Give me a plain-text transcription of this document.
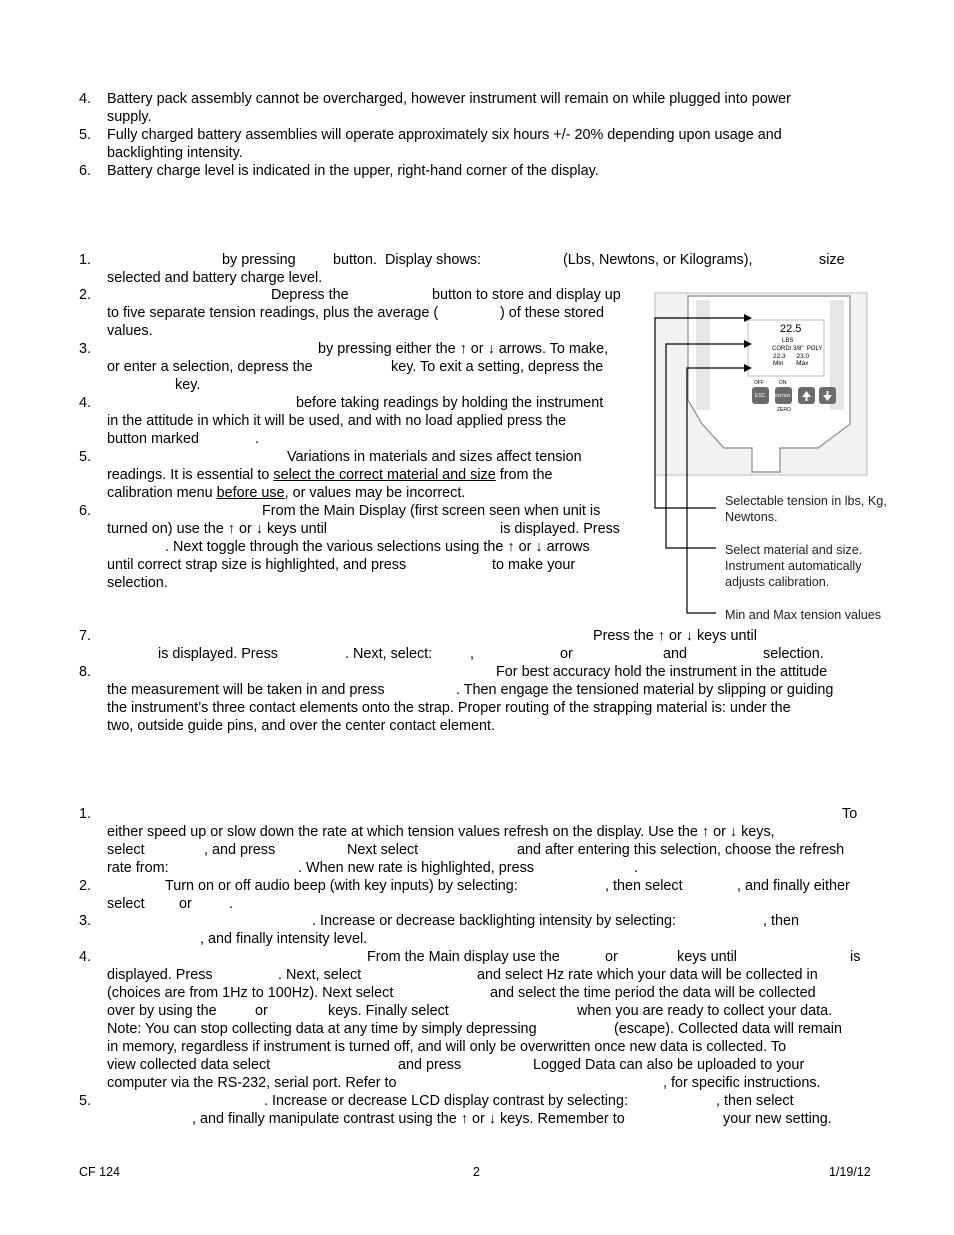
4. Battery pack assembly cannot be overcharged, however instrument will remain on while plugged into power
supply.
5. Fully charged battery assemblies will operate approximately six hours +/- 20% depending upon usage and
backlighting intensity.
6. Battery charge level is indicated in the upper, right-hand corner of the display.
1.	by pressing	button.  Display shows:	(Lbs, Newtons, or Kilograms),	size
selected and battery charge level.
2.	Depress the	button to store and display up
to five separate tension readings, plus the average (	) of these stored
values.
3.	by pressing either the ↑ or ↓ arrows. To make,
or enter a selection, depress the	key. To exit a setting, depress the
key.
4.	before taking readings by holding the instrument
in the attitude in which it will be used, and with no load applied press the
button marked	.
5.	Variations in materials and sizes affect tension
readings. It is essential to select the correct material and size from the
calibration menu before use, or values may be incorrect.
6.	From the Main Display (first screen seen when unit is
turned on) use the ↑ or ↓ keys until	is displayed. Press
. Next toggle through the various selections using the ↑ or ↓ arrows
until correct strap size is highlighted, and press	to make your
selection.
7.	Press the ↑ or ↓ keys until
is displayed. Press	. Next, select:	,	or	and	selection.
8.	For best accuracy hold the instrument in the attitude
the measurement will be taken in and press	. Then engage the tensioned material by slipping or guiding
the instrument’s three contact elements onto the strap. Proper routing of the strapping material is: under the
two, outside guide pins, and over the center contact element.
22.5
LBS
CORD/ 3/8"  POLY
22.3      23.0
Min       Max
OFF	ON
ESC ENTER
ZERO
Selectable tension in lbs, Kg,
Newtons.
Select material and size.
Instrument automatically
adjusts calibration.
Min and Max tension values
1.	To
either speed up or slow down the rate at which tension values refresh on the display. Use the ↑ or ↓ keys,
select	, and press	Next select	and after entering this selection, choose the refresh
rate from:	. When new rate is highlighted, press	.
2.	Turn on or off audio beep (with key inputs) by selecting:	, then select	, and finally either
select or	.
3.	. Increase or decrease backlighting intensity by selecting:	, then
, and finally intensity level.
4.	From the Main display use the	or	keys until	is
displayed. Press	. Next, select	and select Hz rate which your data will be collected in
(choices are from 1Hz to 100Hz). Next select	and select the time period the data will be collected
over by using the	or	keys. Finally select	when you are ready to collect your data.
Note: You can stop collecting data at any time by simply depressing	(escape). Collected data will remain
in memory, regardless if instrument is turned off, and will only be overwritten once new data is collected. To
view collected data select	and press	Logged Data can also be uploaded to your
computer via the RS-232, serial port. Refer to	, for specific instructions.
5.	. Increase or decrease LCD display contrast by selecting:	, then select
, and finally manipulate contrast using the ↑ or ↓ keys. Remember to	your new setting.
CF 124	2	1/19/12
